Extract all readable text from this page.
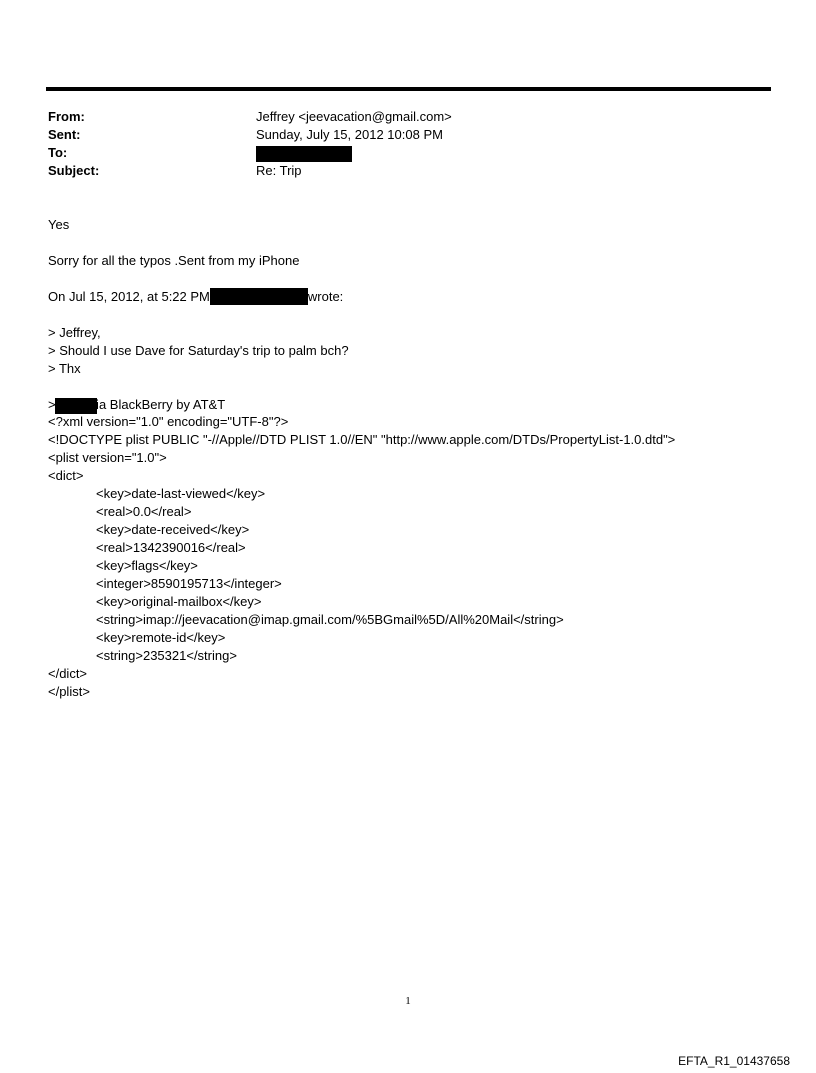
From:	Jeffrey <jeevacation@gmail.com>
Sent:	Sunday, July 15, 2012 10:08 PM
To:
Subject:	Re: Trip
Yes
Sorry for all the typos .Sent from my iPhone
On Jul 15, 2012, at 5:22 PM	wrote:
> Jeffrey,
> Should I use Dave for Saturday's trip to palm bch?
> Thx

> Sent via BlackBerry by AT&T
<?xml version="1.0" encoding="UTF-8"?>
<!DOCTYPE plist PUBLIC "-//Apple//DTD PLIST 1.0//EN" "http://www.apple.com/DTDs/PropertyList-1.0.dtd">
<plist version="1.0">
<dict>
<key>date-last-viewed</key>
<real>0.0</real>
<key>date-received</key>
<real>1342390016</real>
<key>flags</key>
<integer>8590195713</integer>
<key>original-mailbox</key>
<string>imap://jeevacation@imap.gmail.com/%5BGmail%5D/All%20Mail</string>
<key>remote-id</key>
<string>235321</string>
</dict>
</plist>
1
EFTA_R1_01437658
